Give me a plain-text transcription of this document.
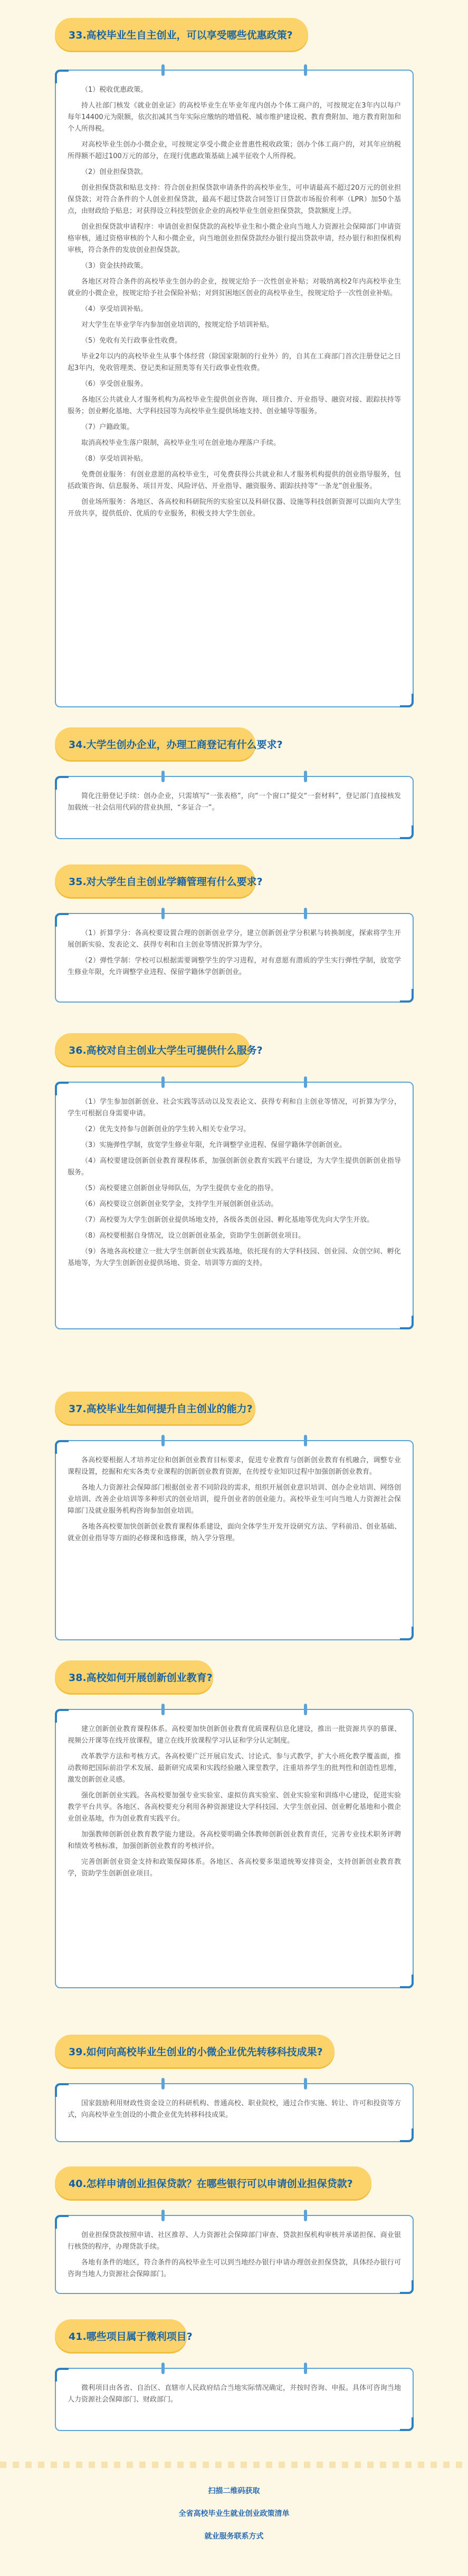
33.高校毕业生自主创业，可以享受哪些优惠政策?

（1）税收优惠政策。

持人社部门核发《就业创业证》的高校毕业生在毕业年度内创办个体工商户的，可按规定在3年内以每户每年14400元为限额，依次扣减其当年实际应缴纳的增值税、城市维护建设税、教育费附加、地方教育附加和个人所得税。

对高校毕业生创办小微企业，可按规定享受小微企业普惠性税收政策；创办个体工商户的，对其年应纳税所得额不超过100万元的部分，在现行优惠政策基础上减半征收个人所得税。

（2）创业担保贷款。

创业担保贷款和贴息支持：符合创业担保贷款申请条件的高校毕业生，可申请最高不超过20万元的创业担保贷款；对符合条件的个人创业担保贷款，最高不超过贷款合同签订日贷款市场报价利率（LPR）加50个基点，由财政给予贴息；对获得设立科技型创业企业的高校毕业生创业担保贷款，贷款额度上浮。

创业担保贷款申请程序：申请创业担保贷款的高校毕业生和小微企业向当地人力资源社会保障部门申请资格审核，通过资格审核的个人和小微企业，向当地创业担保贷款经办银行提出贷款申请，经办银行和担保机构审核，符合条件的发放创业担保贷款。

（3）资金扶持政策。

各地区对符合条件的高校毕业生创办的企业，按规定给予一次性创业补贴；对吸纳离校2年内高校毕业生就业的小微企业，按规定给予社会保险补贴；对到贫困地区创业的高校毕业生，按规定给予一次性创业补贴。

（4）享受培训补贴。

对大学生在毕业学年内参加创业培训的，按规定给予培训补贴。

（5）免收有关行政事业性收费。

毕业2年以内的高校毕业生从事个体经营（除国家限制的行业外）的，自其在工商部门首次注册登记之日起3年内，免收管理类、登记类和证照类等有关行政事业性收费。

（6）享受创业服务。

各地区公共就业人才服务机构为高校毕业生提供创业咨询、项目推介、开业指导、融资对接、跟踪扶持等服务；创业孵化基地、大学科技园等为高校毕业生提供场地支持、创业辅导等服务。

（7）户籍政策。

取消高校毕业生落户限制，高校毕业生可在创业地办理落户手续。

（8）享受培训补贴。

免费创业服务：有创业意愿的高校毕业生，可免费获得公共就业和人才服务机构提供的创业指导服务，包括政策咨询、信息服务、项目开发、风险评估、开业指导、融资服务、跟踪扶持等“一条龙”创业服务。

创业场所服务：各地区、各高校和科研院所的实验室以及科研仪器、设施等科技创新资源可以面向大学生开放共享，提供低价、优质的专业服务，积极支持大学生创业。

34.大学生创办企业，办理工商登记有什么要求?

简化注册登记手续：创办企业，只需填写“一张表格”，向“一个窗口”提交“一套材料”，登记部门直接核发加载统一社会信用代码的营业执照，“多证合一”。

35.对大学生自主创业学籍管理有什么要求?

（1）折算学分：各高校要设置合理的创新创业学分，建立创新创业学分积累与转换制度，探索将学生开展创新实验、发表论文、获得专利和自主创业等情况折算为学分。

（2）弹性学制：学校可以根据需要调整学生的学习进程，对有意愿有潜质的学生实行弹性学制，放宽学生修业年限，允许调整学业进程、保留学籍休学创新创业。

36.高校对自主创业大学生可提供什么服务?

（1）学生参加创新创业、社会实践等活动以及发表论文、获得专利和自主创业等情况，可折算为学分，学生可根据自身需要申请。

（2）优先支持参与创新创业的学生转入相关专业学习。

（3）实施弹性学制，放宽学生修业年限，允许调整学业进程、保留学籍休学创新创业。

（4）高校要建设创新创业教育课程体系，加强创新创业教育实践平台建设，为大学生提供创新创业指导服务。

（5）高校要建立创新创业导师队伍，为学生提供专业化的指导。

（6）高校要设立创新创业奖学金，支持学生开展创新创业活动。

（7）高校要为大学生创新创业提供场地支持，各级各类创业园、孵化基地等优先向大学生开放。

（8）高校要根据自身情况，设立创新创业基金，资助学生创新创业项目。

（9）各地各高校建立一批大学生创新创业实践基地，依托现有的大学科技园、创业园、众创空间、孵化基地等，为大学生创新创业提供场地、资金、培训等方面的支持。

37.高校毕业生如何提升自主创业的能力?

各高校要根据人才培养定位和创新创业教育目标要求，促进专业教育与创新创业教育有机融合，调整专业课程设置，挖掘和充实各类专业课程的创新创业教育资源，在传授专业知识过程中加强创新创业教育。

各地人力资源社会保障部门根据创业者不同阶段的需求，组织开展创业意识培训、创办企业培训、网络创业培训、改善企业培训等多种形式的创业培训，提升创业者的创业能力。高校毕业生可向当地人力资源社会保障部门及就业服务机构咨询参加创业培训。

各地各高校要加快创新创业教育课程体系建设，面向全体学生开发开设研究方法、学科前沿、创业基础、就业创业指导等方面的必修课和选修课，纳入学分管理。

38.高校如何开展创新创业教育?

建立创新创业教育课程体系。高校要加快创新创业教育优质课程信息化建设，推出一批资源共享的慕课、视频公开课等在线开放课程，建立在线开放课程学习认证和学分认定制度。

改革教学方法和考核方式。各高校要广泛开展启发式、讨论式、参与式教学，扩大小班化教学覆盖面，推动教师把国际前沿学术发展、最新研究成果和实践经验融入课堂教学，注重培养学生的批判性和创造性思维，激发创新创业灵感。

强化创新创业实践。各高校要加强专业实验室、虚拟仿真实验室、创业实验室和训练中心建设，促进实验教学平台共享。各地区、各高校要充分利用各种资源建设大学科技园、大学生创业园、创业孵化基地和小微企业创业基地，作为创业教育实践平台。

加强教师创新创业教育教学能力建设。各高校要明确全体教师创新创业教育责任，完善专业技术职务评聘和绩效考核标准，加强创新创业教育的考核评价。

完善创新创业资金支持和政策保障体系。各地区、各高校要多渠道统筹安排资金，支持创新创业教育教学，资助学生创新创业项目。

39.如何向高校毕业生创业的小微企业优先转移科技成果?

国家鼓励利用财政性资金设立的科研机构、普通高校、职业院校，通过合作实施、转让、许可和投资等方式，向高校毕业生创设的小微企业优先转移科技成果。

40.怎样申请创业担保贷款？在哪些银行可以申请创业担保贷款?

创业担保贷款按照申请、社区推荐、人力资源社会保障部门审查、贷款担保机构审核并承诺担保、商业银行核贷的程序，办理贷款手续。

各地有条件的地区，符合条件的高校毕业生可以到当地经办银行申请办理创业担保贷款，具体经办银行可咨询当地人力资源社会保障部门。

41.哪些项目属于微利项目?

微利项目由各省、自治区、直辖市人民政府结合当地实际情况确定，并按时咨询、申报。具体可咨询当地人力资源社会保障部门、财政部门。

扫描二维码获取
全省高校毕业生就业创业政策清单
就业服务联系方式
